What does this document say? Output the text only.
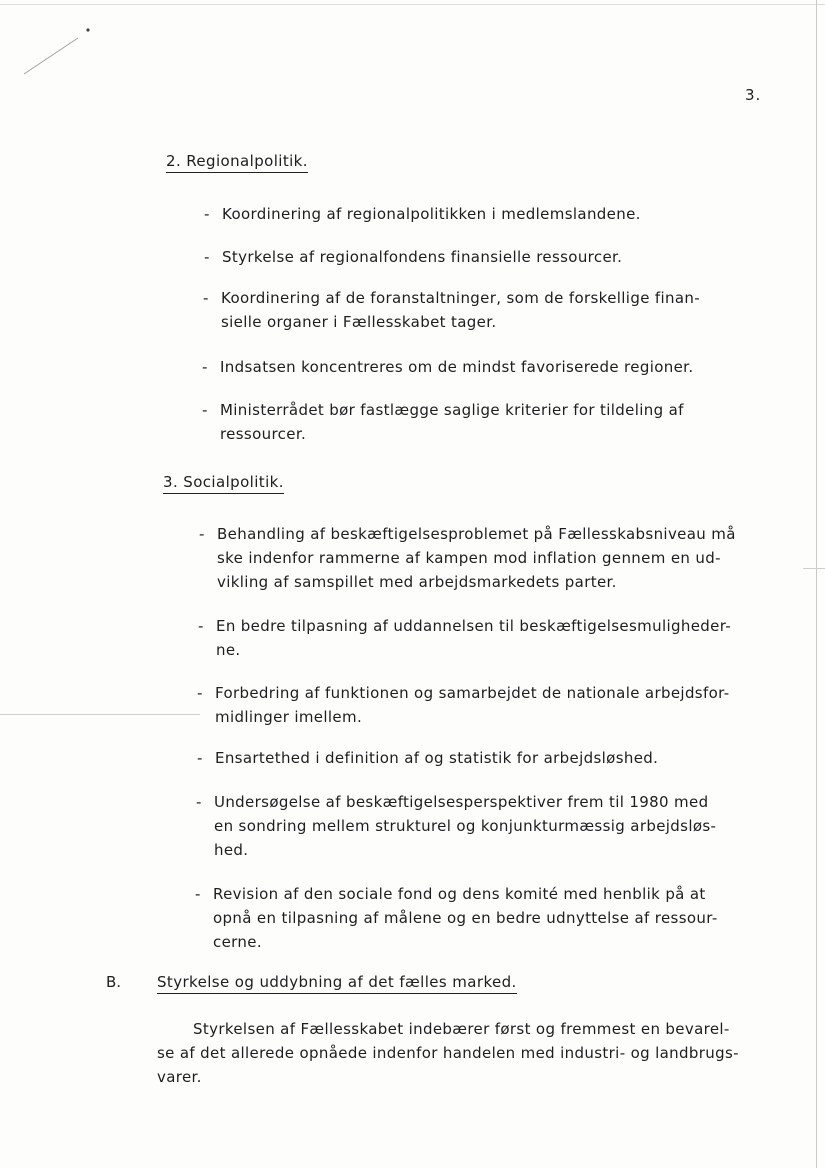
3.
2. Regionalpolitik.
- Koordinering af regionalpolitikken i medlemslandene.
- Styrkelse af regionalfondens finansielle ressourcer.
- Koordinering af de foranstaltninger, som de forskellige finan-
sielle organer i Fællesskabet tager.
- Indsatsen koncentreres om de mindst favoriserede regioner.
- Ministerrådet bør fastlægge saglige kriterier for tildeling af
ressourcer.
3. Socialpolitik.
- Behandling af beskæftigelsesproblemet på Fællesskabsniveau må
ske indenfor rammerne af kampen mod inflation gennem en ud-
vikling af samspillet med arbejdsmarkedets parter.
- En bedre tilpasning af uddannelsen til beskæftigelsesmuligheder-
ne.
- Forbedring af funktionen og samarbejdet de nationale arbejdsfor-
midlinger imellem.
- Ensartethed i definition af og statistik for arbejdsløshed.
- Undersøgelse af beskæftigelsesperspektiver frem til 1980 med
en sondring mellem strukturel og konjunkturmæssig arbejdsløs-
hed.
- Revision af den sociale fond og dens komité med henblik på at
opnå en tilpasning af målene og en bedre udnyttelse af ressour-
cerne.
B. Styrkelse og uddybning af det fælles marked.
Styrkelsen af Fællesskabet indebærer først og fremmest en bevarel-
se af det allerede opnåede indenfor handelen med industri- og landbrugs-
varer.
